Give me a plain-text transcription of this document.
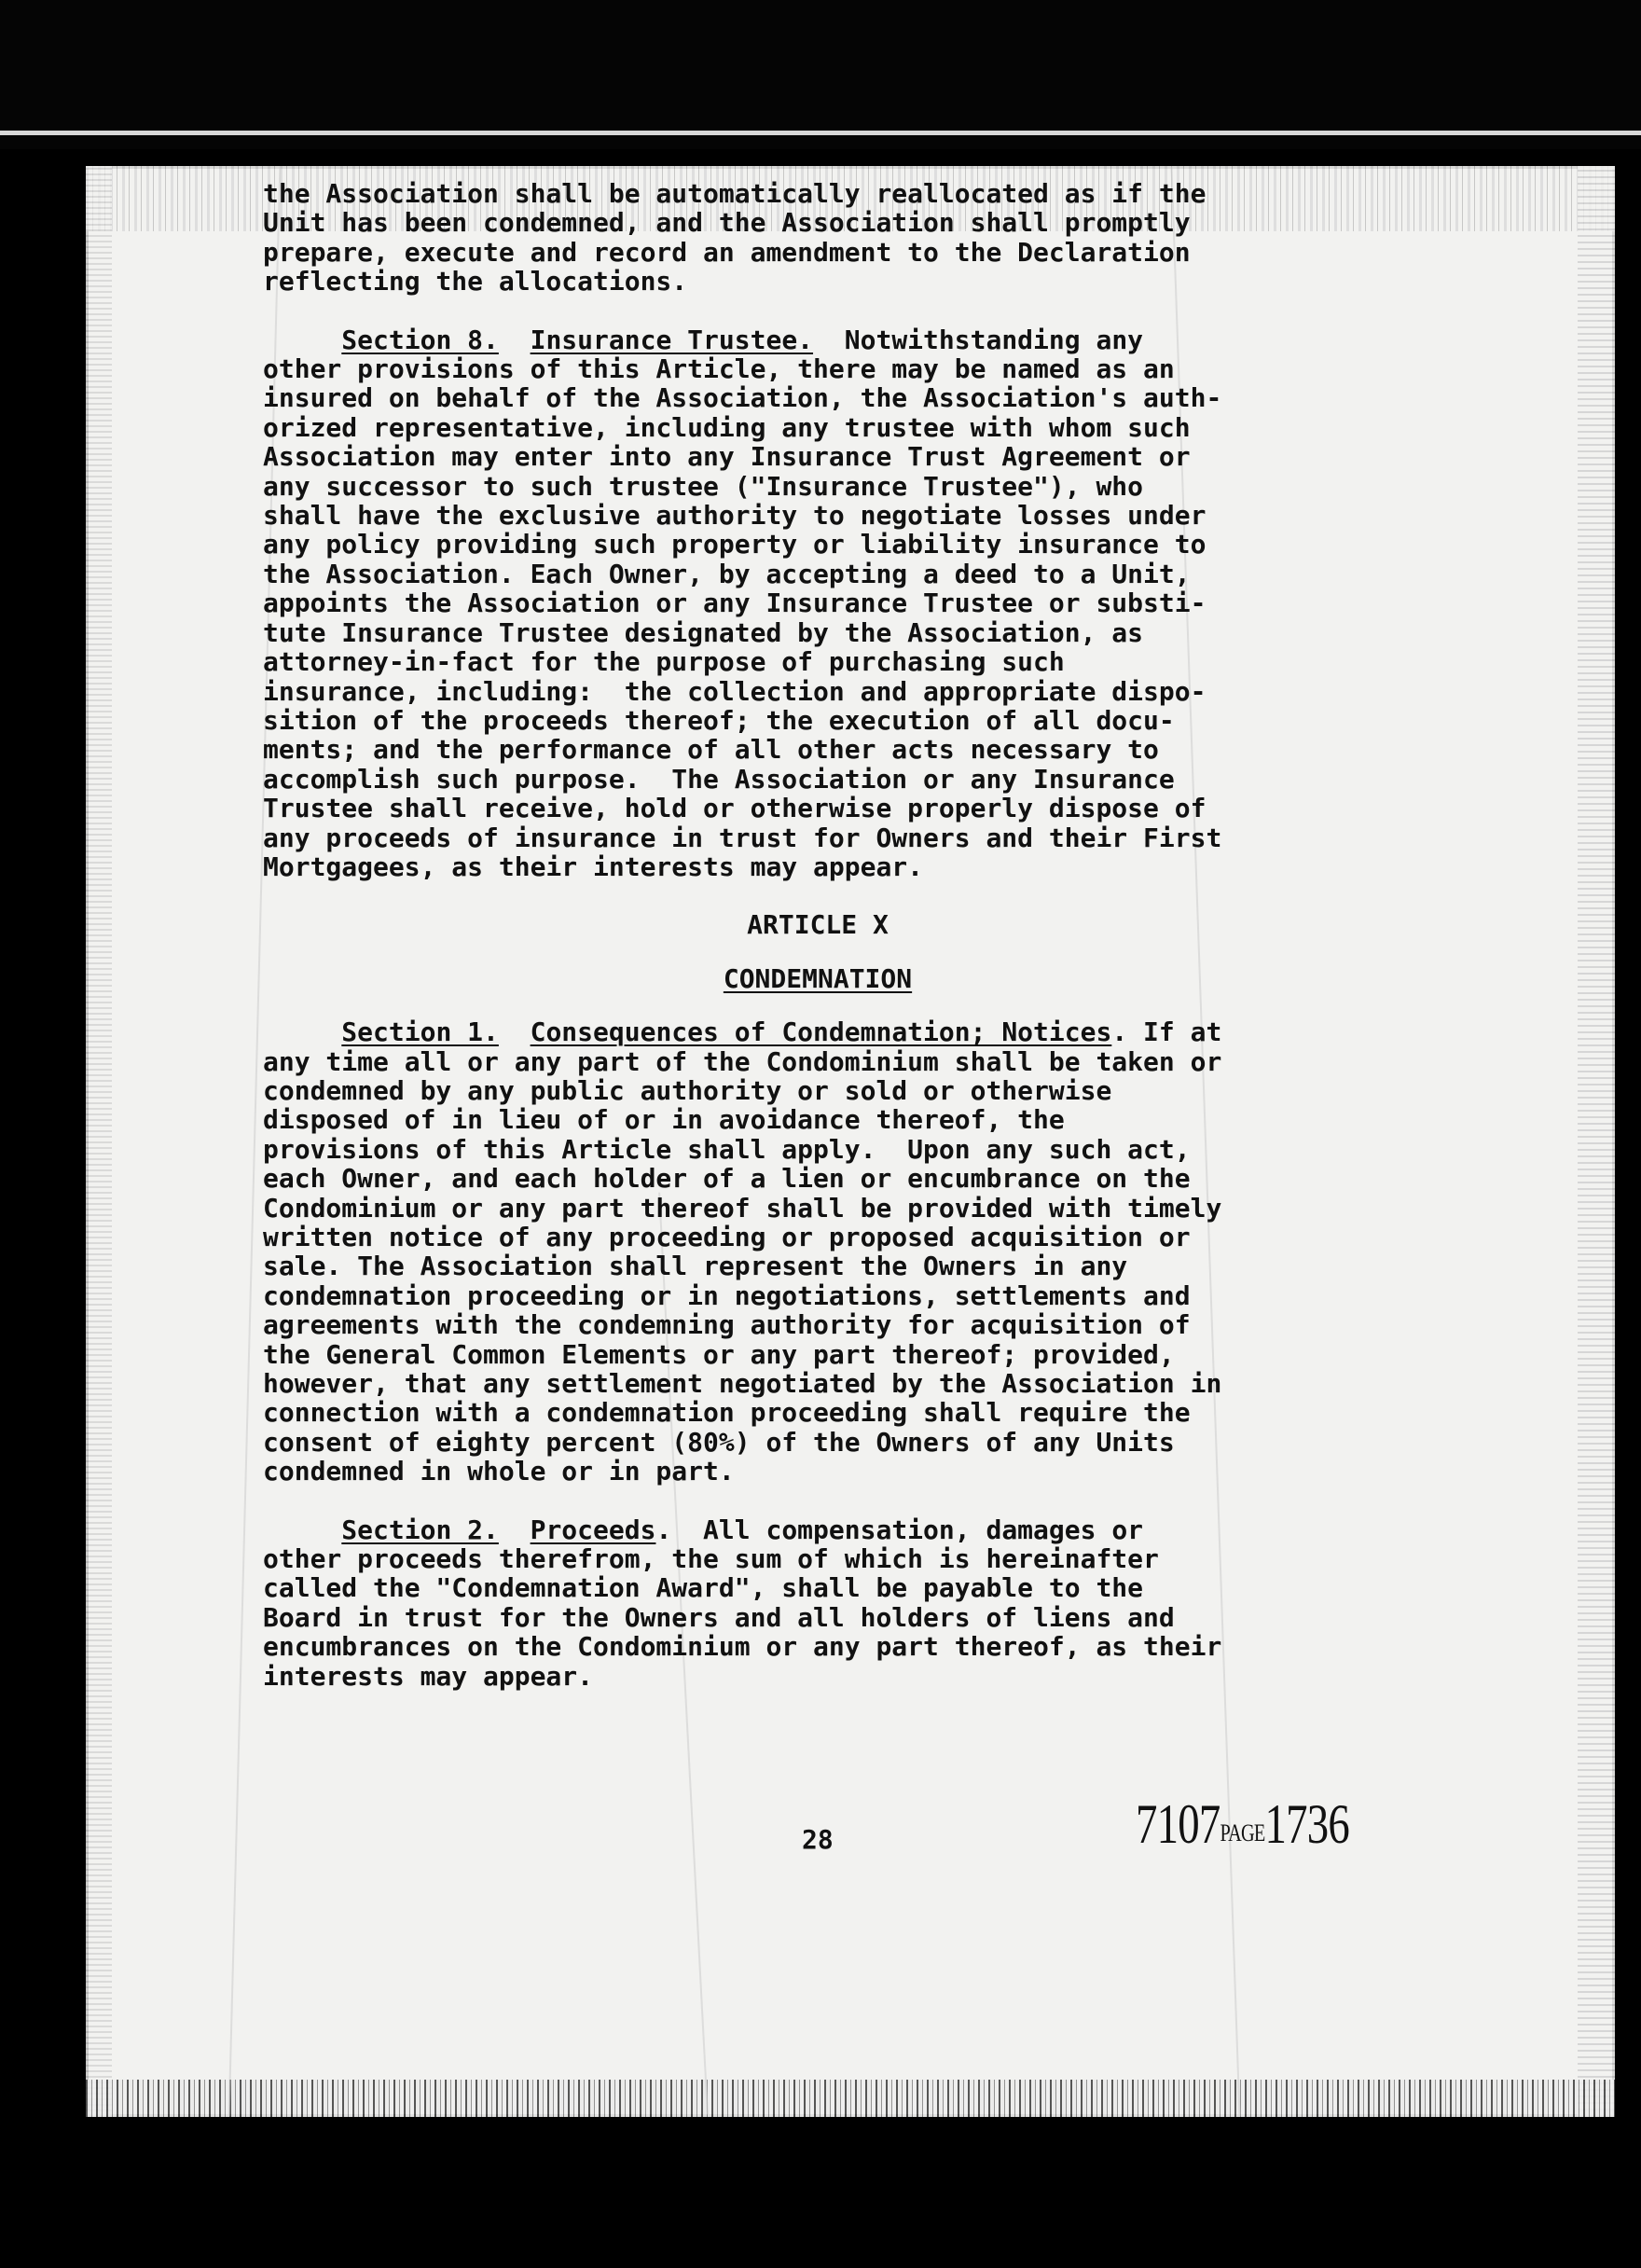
the Association shall be automatically reallocated as if the
Unit has been condemned, and the Association shall promptly
prepare, execute and record an amendment to the Declaration
reflecting the allocations.
Section 8. Insurance Trustee.  Notwithstanding any
other provisions of this Article, there may be named as an
insured on behalf of the Association, the Association's auth-
orized representative, including any trustee with whom such
Association may enter into any Insurance Trust Agreement or
any successor to such trustee ("Insurance Trustee"), who
shall have the exclusive authority to negotiate losses under
any policy providing such property or liability insurance to
the Association. Each Owner, by accepting a deed to a Unit,
appoints the Association or any Insurance Trustee or substi-
tute Insurance Trustee designated by the Association, as
attorney-in-fact for the purpose of purchasing such
insurance, including:  the collection and appropriate dispo-
sition of the proceeds thereof; the execution of all docu-
ments; and the performance of all other acts necessary to
accomplish such purpose.  The Association or any Insurance
Trustee shall receive, hold or otherwise properly dispose of
any proceeds of insurance in trust for Owners and their First
Mortgagees, as their interests may appear.
ARTICLE X
CONDEMNATION
Section 1. Consequences of Condemnation; Notices. If at
any time all or any part of the Condominium shall be taken or
condemned by any public authority or sold or otherwise
disposed of in lieu of or in avoidance thereof, the
provisions of this Article shall apply.  Upon any such act,
each Owner, and each holder of a lien or encumbrance on the
Condominium or any part thereof shall be provided with timely
written notice of any proceeding or proposed acquisition or
sale. The Association shall represent the Owners in any
condemnation proceeding or in negotiations, settlements and
agreements with the condemning authority for acquisition of
the General Common Elements or any part thereof; provided,
however, that any settlement negotiated by the Association in
connection with a condemnation proceeding shall require the
consent of eighty percent (80%) of the Owners of any Units
condemned in whole or in part.
Section 2. Proceeds.  All compensation, damages or
other proceeds therefrom, the sum of which is hereinafter
called the "Condemnation Award", shall be payable to the
Board in trust for the Owners and all holders of liens and
encumbrances on the Condominium or any part thereof, as their
interests may appear.
28	7107PAGE1736
